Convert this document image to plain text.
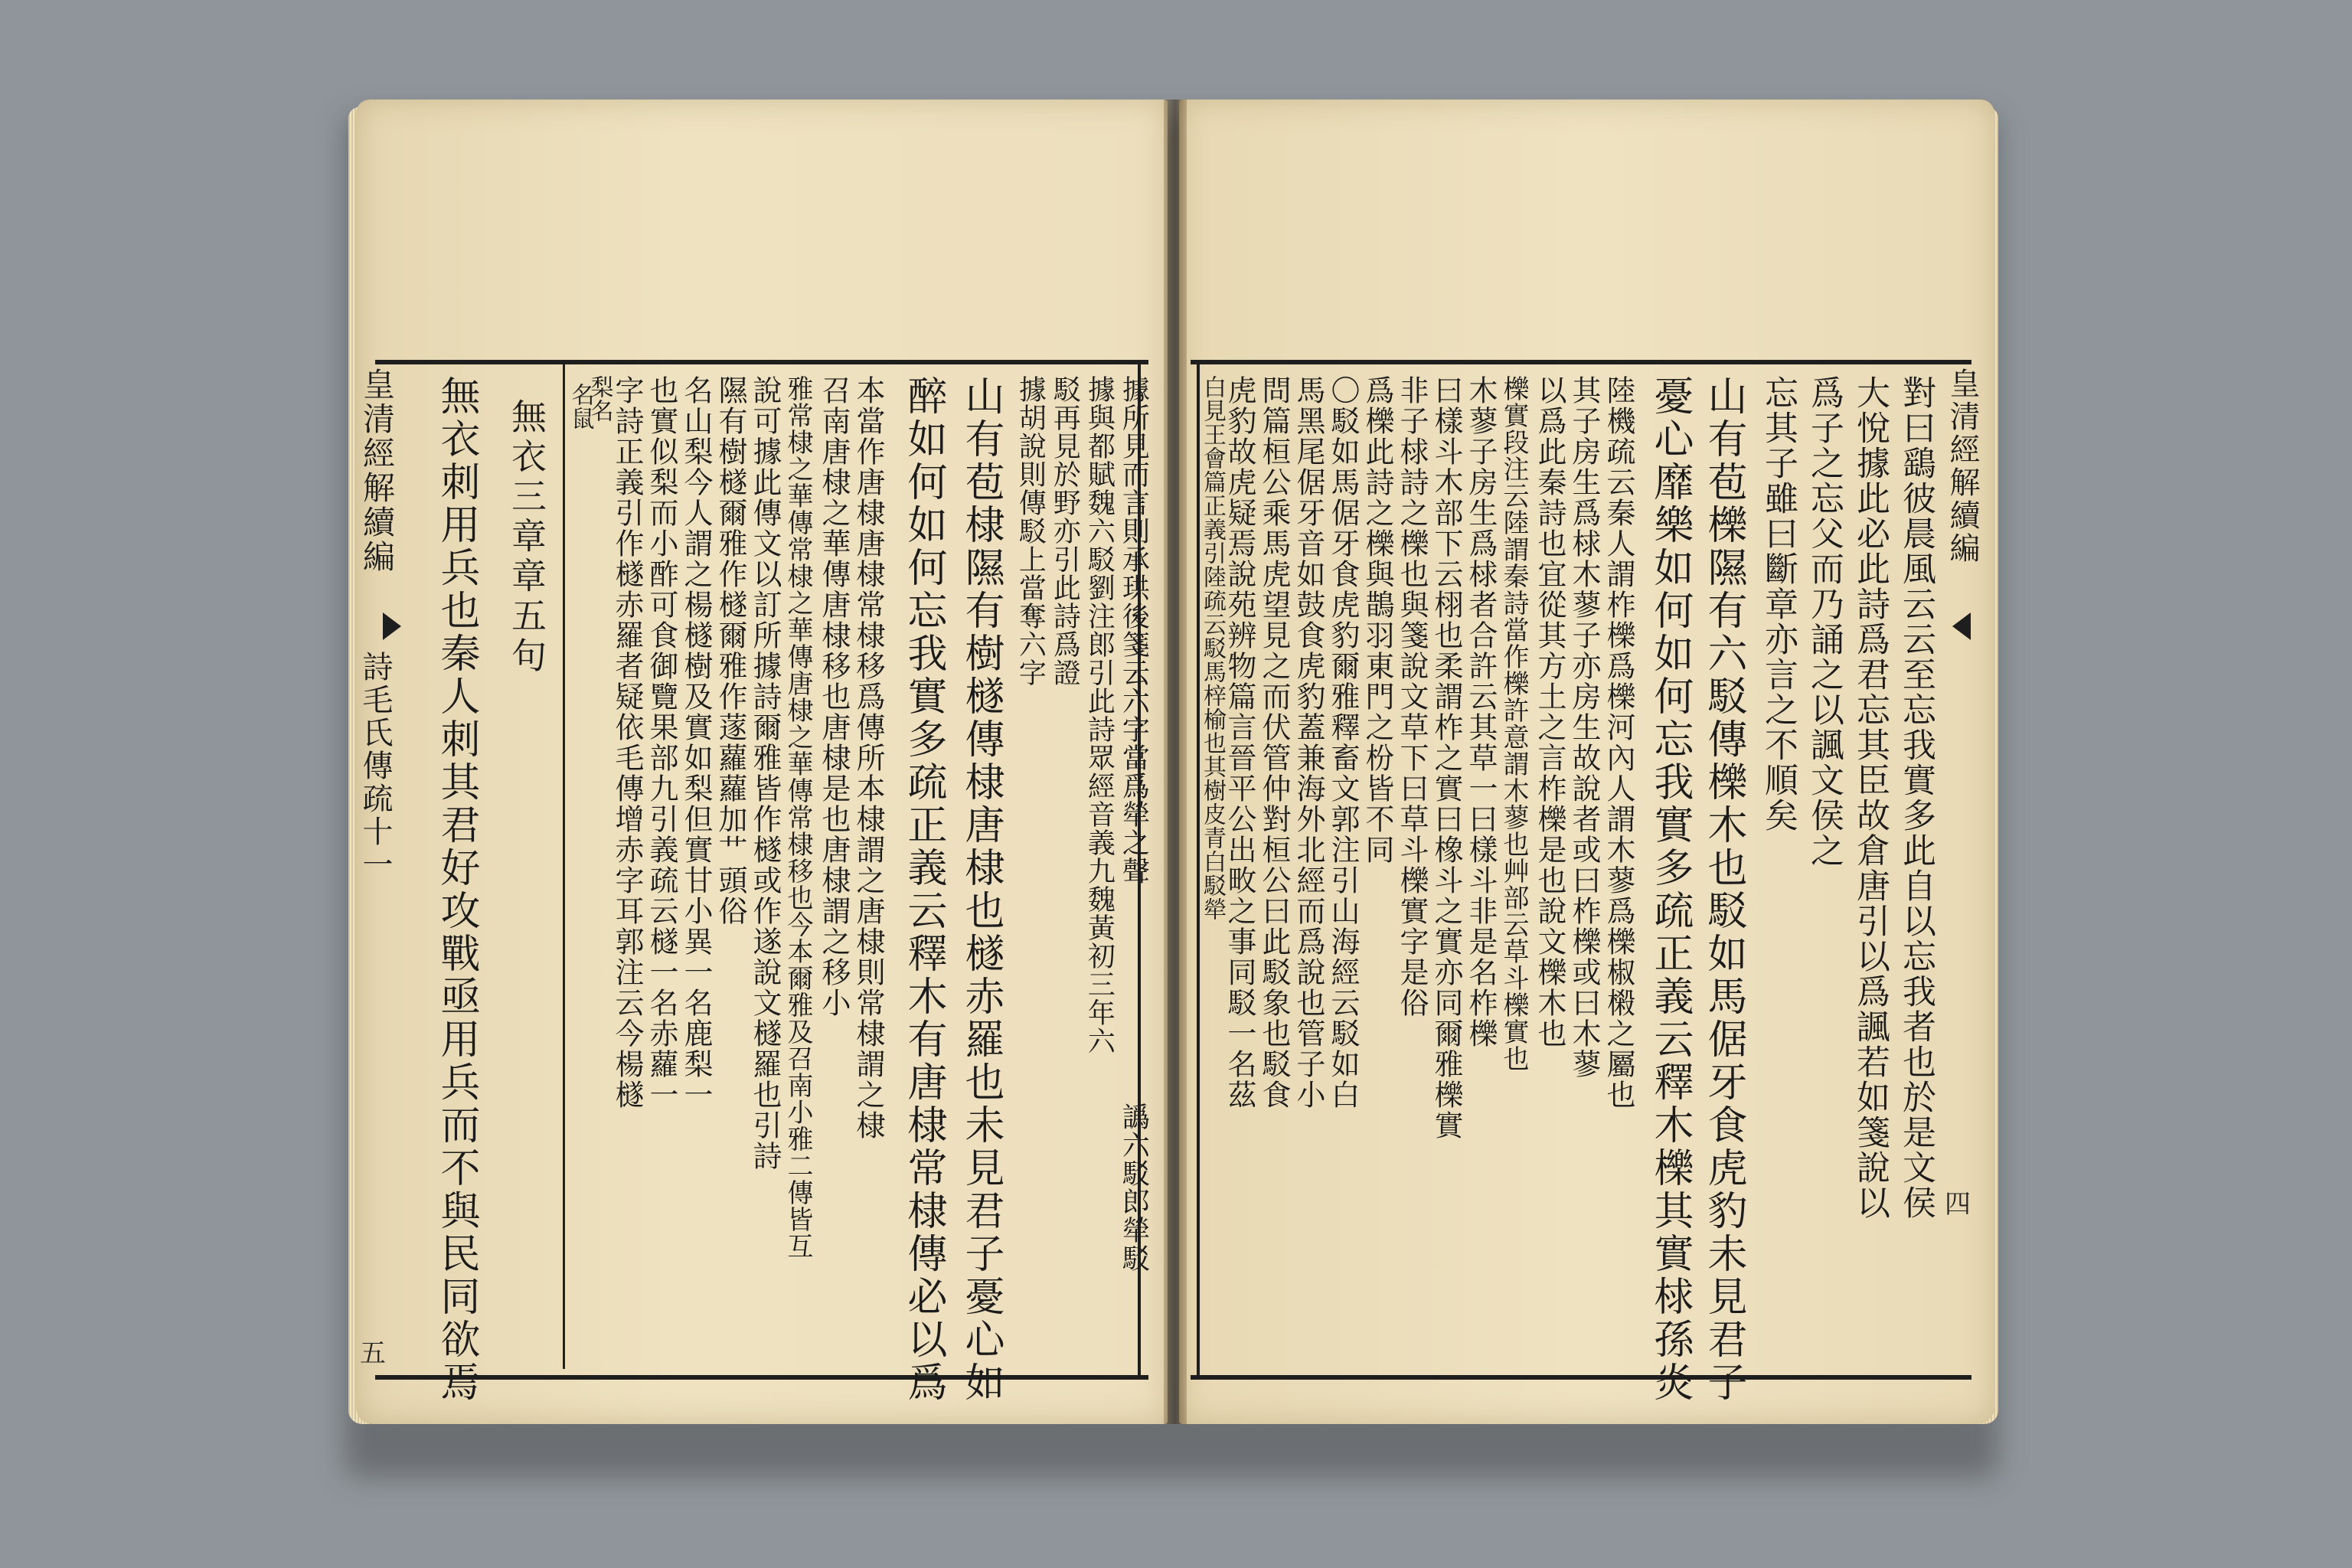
皇清經解續編
詩毛氏傳疏十一
五
皇清經解續編
四
無衣刺用兵也秦人刺其君好攻戰亟用兵而不與民同欲焉 無衣三章章五句 名鼠
梨名
字詩正義引作檖赤羅者疑依毛傳增赤字耳郭注云今楊檖 也實似梨而小酢可食御覽果部九引義疏云檖一名赤蘿一 名山梨今人謂之楊檖樹及實如梨但實甘小異一名鹿梨一 隰有樹檖爾雅作檖爾雅作蓫蘿蘿加艹頭俗 說可據此傳文以訂所據詩爾雅皆作檖或作遂說文檖羅也引詩 雅常棣之華傳常棣之華傳唐棣之華傳常棣移也今本爾雅及召南小雅二傳皆互 召南唐棣之華傳唐棣移也唐棣是也唐棣謂之移小 本當作唐棣唐棣常棣移爲傳所本棣謂之唐棣則常棣謂之棣 醉如何如何忘我實多疏正義云釋木有唐棣常棣傳必以爲 山有苞棣隰有樹檖傳棣唐棣也檖赤羅也未見君子憂心如 據胡說則傳駁上當奪六字 駁再見於野亦引此詩爲證 據與都賦魏六駁劉注郎引此詩眾經音義九魏黃初三年六 據所見而言則承珙後箋云六字當爲犖之聲
譌六駁郎犖駁	對曰鷂彼晨風云云至忘我實多此自以忘我者也於是文侯
大悅據此必此詩爲君忘其臣故倉唐引以爲諷若如箋說以
爲子之忘父而乃誦之以諷文侯之
忘其子雖曰斷章亦言之不順矣
山有苞櫟隰有六駁傳櫟木也駁如馬倨牙食虎豹未見君子
憂心靡樂如何如何忘我實多疏正義云釋木櫟其實梂孫炎
陸機疏云秦人謂柞櫟爲櫟河內人謂木蓼爲櫟椒樧之屬也
其子房生爲梂木蓼子亦房生故說者或曰柞櫟或曰木蓼
以爲此秦詩也宜從其方土之言柞櫟是也說文櫟木也
櫟實段注云陸謂秦詩當作櫟許意謂木蓼也艸部云草斗櫟實也
木蓼子房生爲梂者合許云其草一曰樣斗非是名柞櫟
曰樣斗木部下云栩也柔謂柞之實曰橡斗之實亦同爾雅櫟實
非子梂詩之櫟也與箋說文草下曰草斗櫟實字是俗
爲櫟此詩之櫟與鵲羽東門之枌皆不同
〇駁如馬倨牙食虎豹爾雅釋畜文郭注引山海經云駁如白
馬黑尾倨牙音如鼓食虎豹蓋兼海外北經而爲說也管子小
問篇桓公乘馬虎望見之而伏管仲對桓公曰此駁象也駁食
虎豹故虎疑焉說苑辨物篇言晉平公出畋之事同駁一名茲
白見王會篇正義引陸疏云駁馬梓榆也其樹皮青白駁犖
